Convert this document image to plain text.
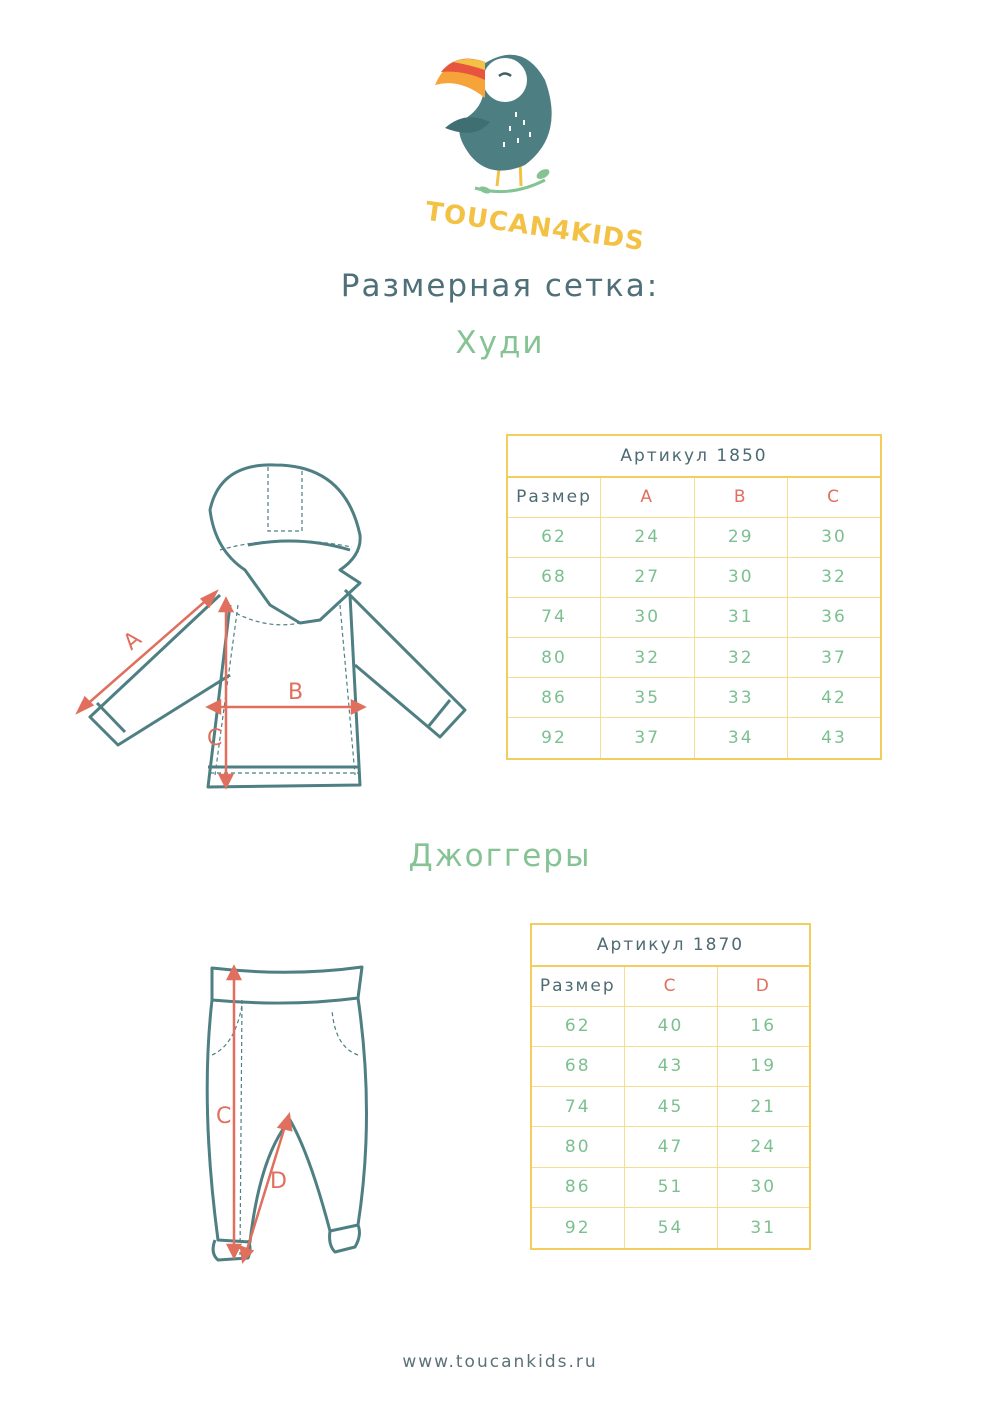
TOUCAN4KIDS
Размерная сетка:
Худи
A
B
C
Артикул 1850			
Размер	A	B	C
62	24	29	30
68	27	30	32
74	30	31	36
80	32	32	37
86	35	33	42
92	37	34	43
Джоггеры
C
D
Артикул 1870		
Размер	C	D
62	40	16
68	43	19
74	45	21
80	47	24
86	51	30
92	54	31
www.toucankids.ru
